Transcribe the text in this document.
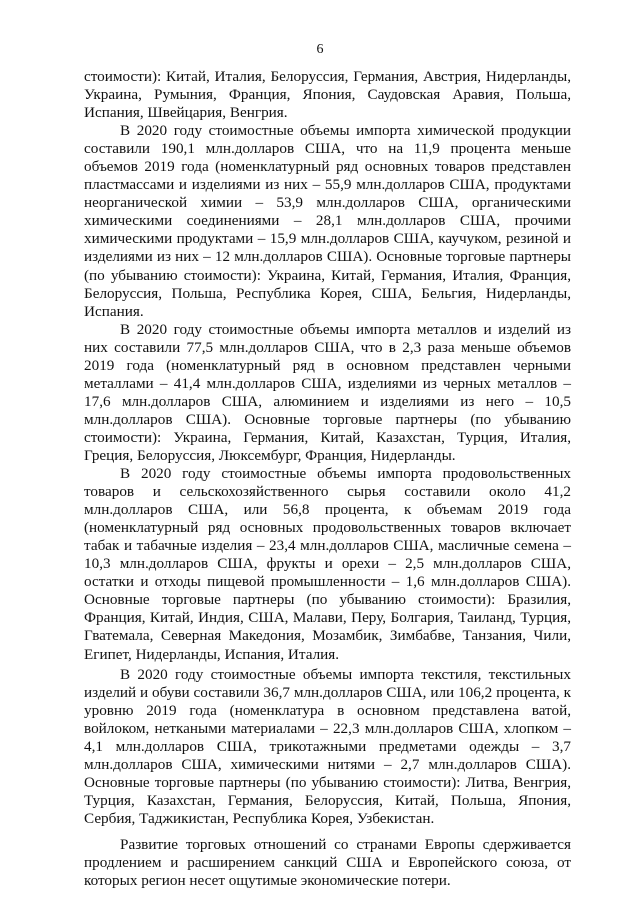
6

стоимости): Китай, Италия, Белоруссия, Германия, Австрия, Нидерланды, Украина, Румыния, Франция, Япония, Саудовская Аравия, Польша, Испания, Швейцария, Венгрия.

В 2020 году стоимостные объемы импорта химической продукции составили 190,1 млн.долларов США, что на 11,9 процента меньше объемов 2019 года (номенклатурный ряд основных товаров представлен пластмассами и изделиями из них – 55,9 млн.долларов США, продуктами неорганической химии – 53,9 млн.долларов США, органическими химическими соединениями – 28,1 млн.долларов США, прочими химическими продуктами – 15,9 млн.долларов США, каучуком, резиной и изделиями из них – 12 млн.долларов США). Основные торговые партнеры (по убыванию стоимости): Украина, Китай, Германия, Италия, Франция, Белоруссия, Польша, Республика Корея, США, Бельгия, Нидерланды, Испания.

В 2020 году стоимостные объемы импорта металлов и изделий из них составили 77,5 млн.долларов США, что в 2,3 раза меньше объемов 2019 года (номенклатурный ряд в основном представлен черными металлами – 41,4 млн.долларов США, изделиями из черных металлов – 17,6 млн.долларов США, алюминием и изделиями из него – 10,5 млн.долларов США). Основные торговые партнеры (по убыванию стоимости): Украина, Германия, Китай, Казахстан, Турция, Италия, Греция, Белоруссия, Люксембург, Франция, Нидерланды.

В 2020 году стоимостные объемы импорта продовольственных товаров и сельскохозяйственного сырья составили около 41,2 млн.долларов США, или 56,8 процента, к объемам 2019 года (номенклатурный ряд основных продовольственных товаров включает табак и табачные изделия – 23,4 млн.долларов США, масличные семена – 10,3 млн.долларов США, фрукты и орехи – 2,5 млн.долларов США, остатки и отходы пищевой промышленности – 1,6 млн.долларов США). Основные торговые партнеры (по убыванию стоимости): Бразилия, Франция, Китай, Индия, США, Малави, Перу, Болгария, Таиланд, Турция, Гватемала, Северная Македония, Мозамбик, Зимбабве, Танзания, Чили, Египет, Нидерланды, Испания, Италия.

В 2020 году стоимостные объемы импорта текстиля, текстильных изделий и обуви составили 36,7 млн.долларов США, или 106,2 процента, к уровню 2019 года (номенклатура в основном представлена ватой, войлоком, неткаными материалами – 22,3 млн.долларов США, хлопком – 4,1 млн.долларов США, трикотажными предметами одежды – 3,7 млн.долларов США, химическими нитями – 2,7 млн.долларов США). Основные торговые партнеры (по убыванию стоимости): Литва, Венгрия, Турция, Казахстан, Германия, Белоруссия, Китай, Польша, Япония, Сербия, Таджикистан, Республика Корея, Узбекистан.

Развитие торговых отношений со странами Европы сдерживается продлением и расширением санкций США и Европейского союза, от которых регион несет ощутимые экономические потери.
